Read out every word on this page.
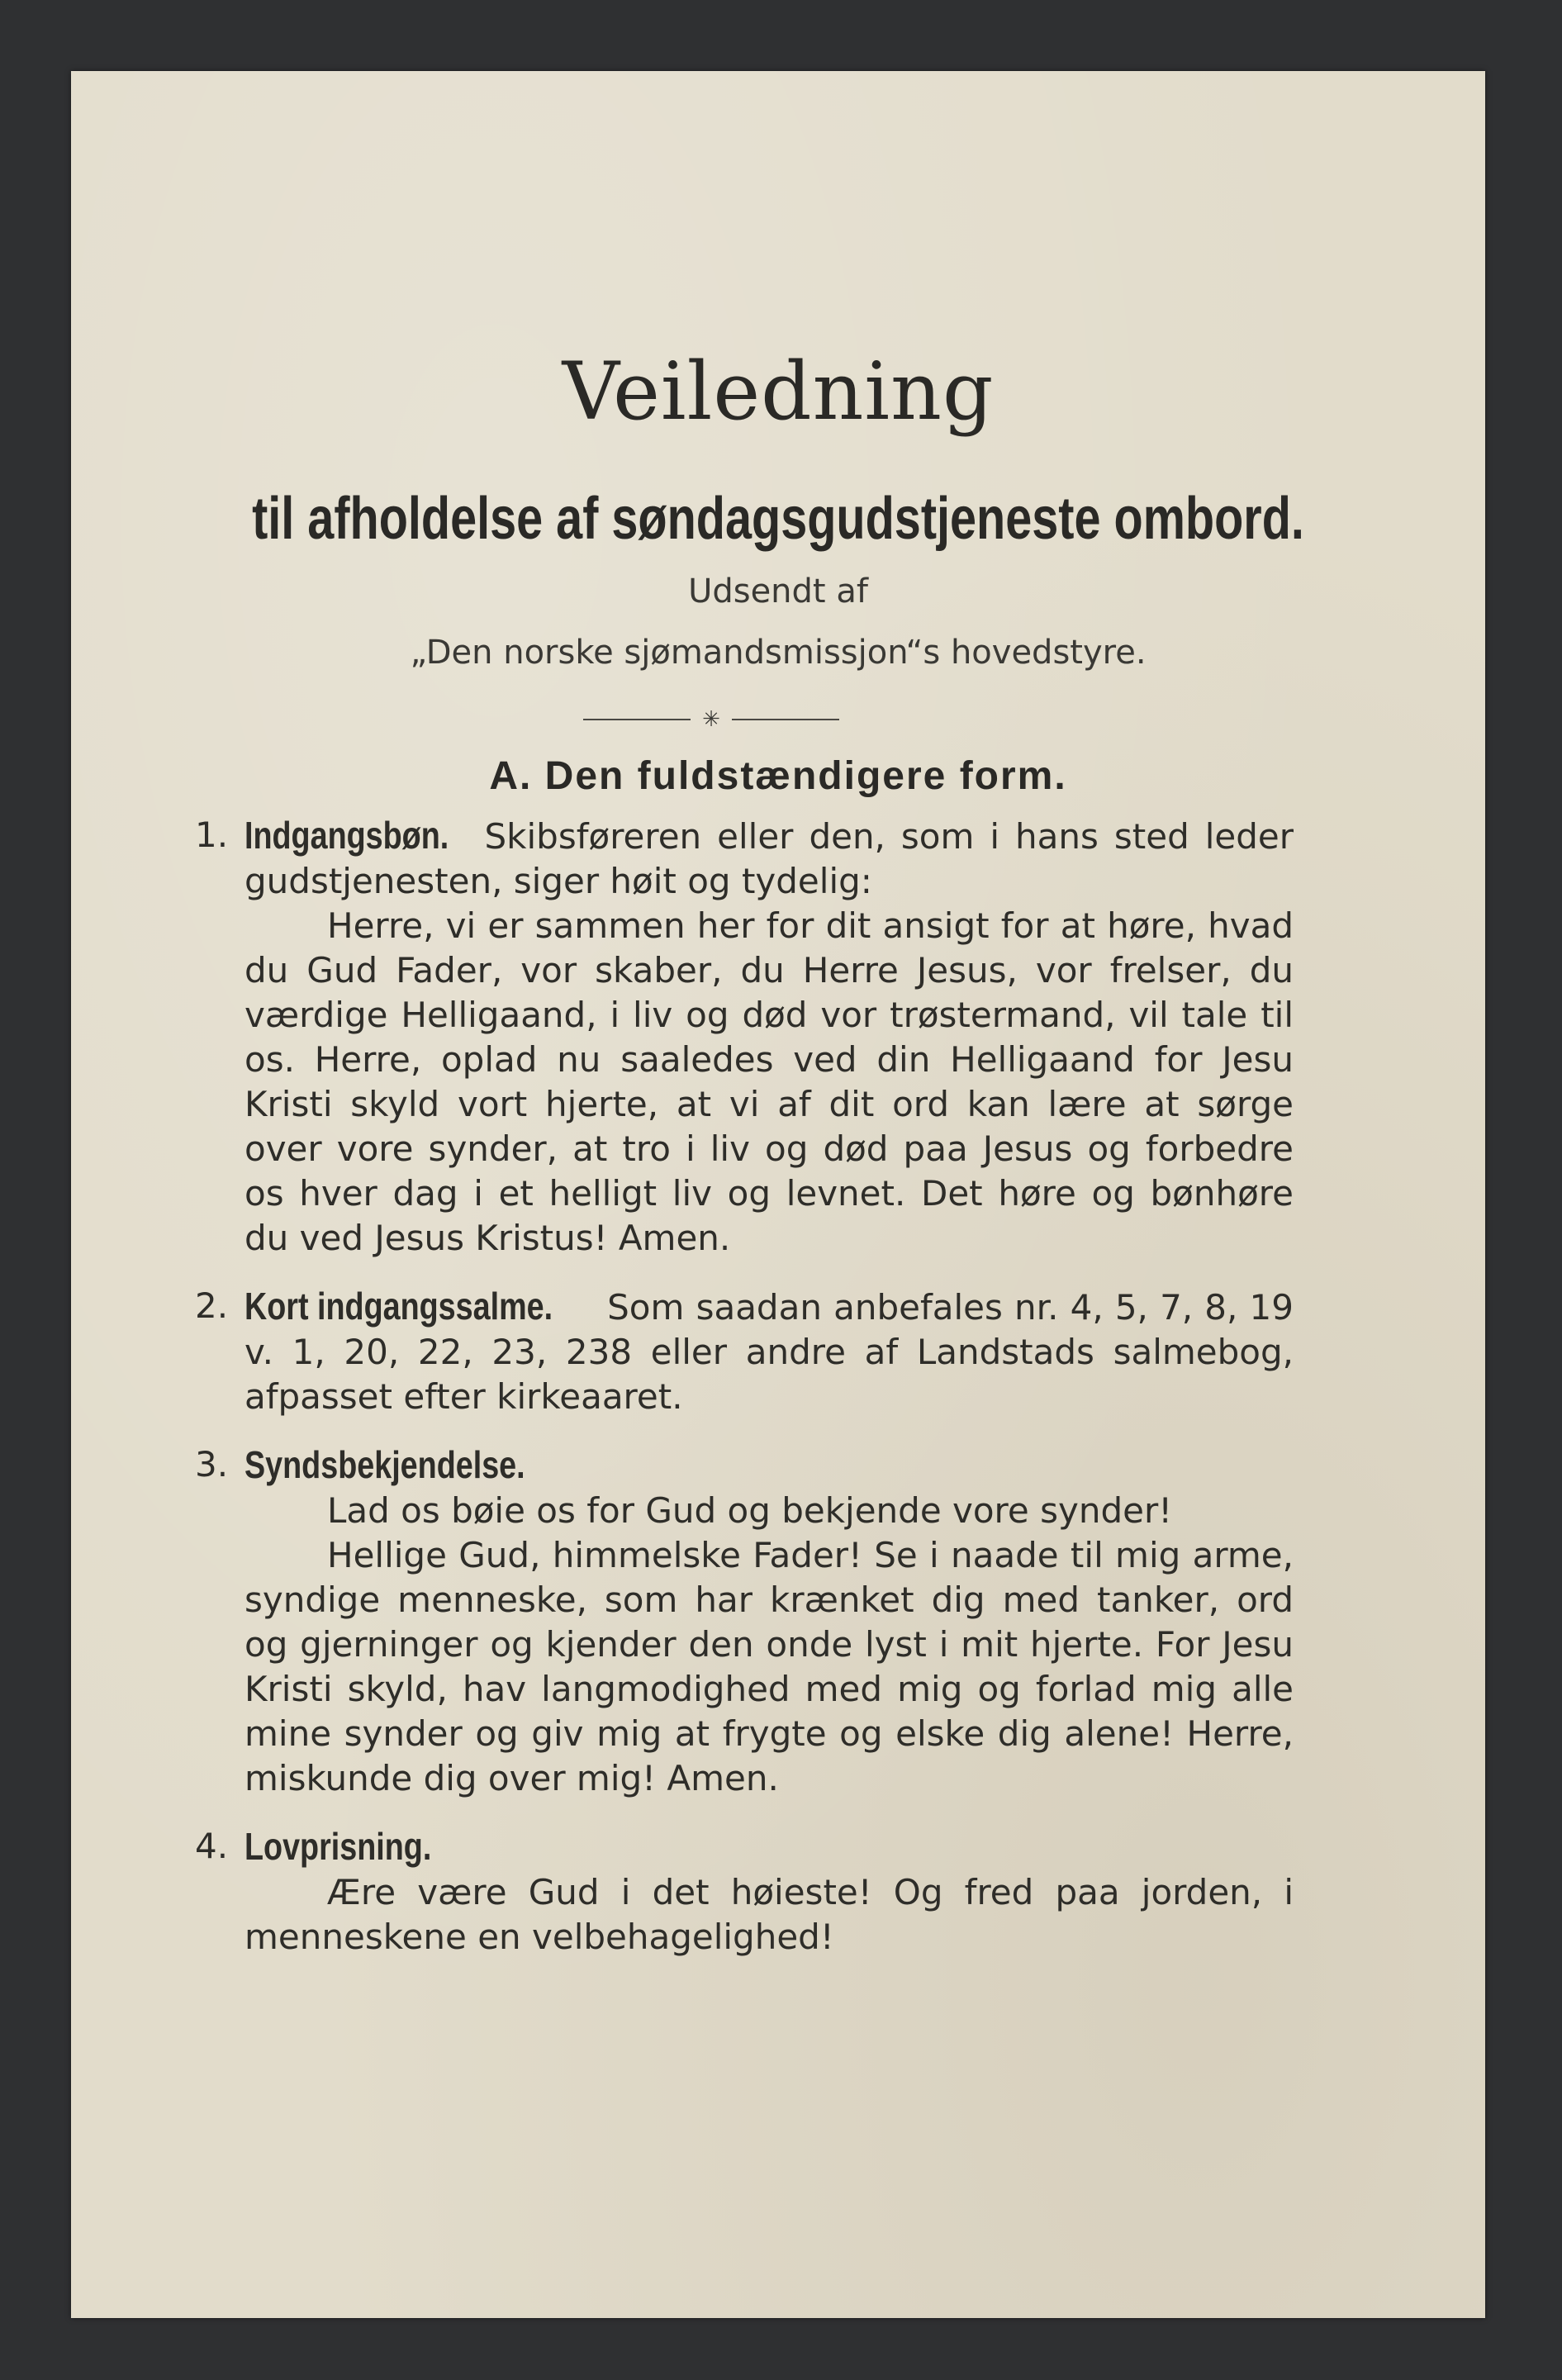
Veiledning
til afholdelse af søndagsgudstjeneste ombord.
Udsendt af
„Den norske sjømandsmissjon“s hovedstyre.
✳
A. Den fuldstændigere form.
1. Indgangsbøn. Skibsføreren eller den, som i hans sted leder gudstjenesten, siger høit og tydelig:

Herre, vi er sammen her for dit ansigt for at høre, hvad du Gud Fader, vor skaber, du Herre Jesus, vor frelser, du værdige Helligaand, i liv og død vor trøstermand, vil tale til os. Herre, oplad nu saaledes ved din Helligaand for Jesu Kristi skyld vort hjerte, at vi af dit ord kan lære at sørge over vore synder, at tro i liv og død paa Jesus og forbedre os hver dag i et helligt liv og levnet. Det høre og bønhøre du ved Jesus Kristus! Amen.

2. Kort indgangssalme. Som saadan anbefales nr. 4, 5, 7, 8, 19 v. 1, 20, 22, 23, 238 eller andre af Landstads salmebog, afpasset efter kirkeaaret.

3. Syndsbekjendelse.

Lad os bøie os for Gud og bekjende vore synder!

Hellige Gud, himmelske Fader! Se i naade til mig arme, syndige menneske, som har krænket dig med tanker, ord og gjerninger og kjender den onde lyst i mit hjerte. For Jesu Kristi skyld, hav langmodighed med mig og forlad mig alle mine synder og giv mig at frygte og elske dig alene! Herre, miskunde dig over mig! Amen.

4. Lovprisning.

Ære være Gud i det høieste! Og fred paa jorden, i menneskene en velbehagelighed!
